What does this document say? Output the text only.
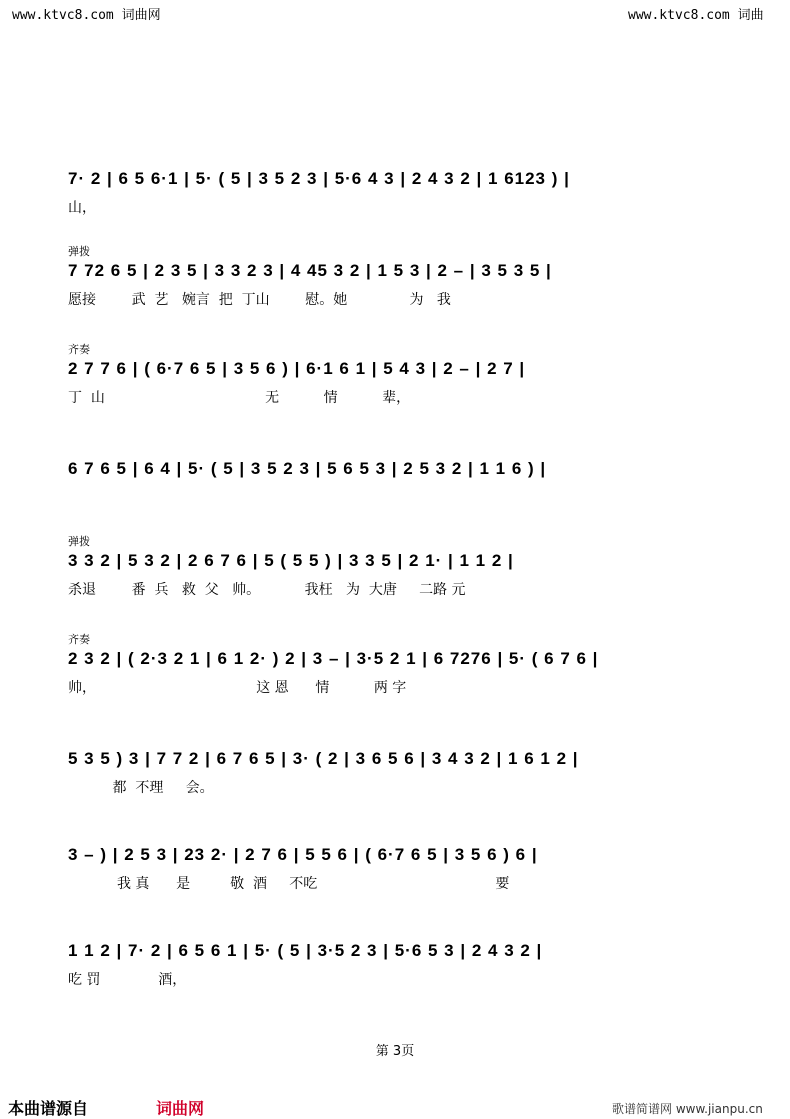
www.ktvc8.com 词曲网	www.ktvc8.com 词曲
7· 2 | 6 5 6·1 | 5· ( 5 | 3 5 2 3 | 5·6 4 3 | 2 4 3 2 | 1 6123 ) |
山，
弹拨
7 72 6 5 | 2 3 5 | 3 3 2 3 | 4 45 3 2 | 1 5 3 | 2 – | 3 5 3 5 |
愿接        武  艺   婉言  把  丁山        慰。她              为   我
齐奏
2 7 7 6 | ( 6·7 6 5 | 3 5 6 ) | 6·1 6 1 | 5 4 3 | 2 – | 2 7 |
丁  山                                    无          情          辈，
6 7 6 5 | 6 4 | 5· ( 5 | 3 5 2 3 | 5 6 5 3 | 2 5 3 2 | 1 1 6 ) |
弹拨
3 3 2 | 5 3 2 | 2 6 7 6 | 5 ( 5 5 ) | 3 3 5 | 2 1· | 1 1 2 |
杀退        番  兵   救  父   帅。          我枉   为  大唐     二路 元
齐奏
2 3 2 | ( 2·3 2 1 | 6 1 2· ) 2 | 3 – | 3·5 2 1 | 6 7276 | 5· ( 6 7 6 |
帅，                                    这 恩      情          两 字
5 3 5 ) 3 | 7 7 2 | 6 7 6 5 | 3· ( 2 | 3 6 5 6 | 3 4 3 2 | 1 6 1 2 |
都  不理     会。
3 – ) | 2 5 3 | 23 2· | 2 7 6 | 5 5 6 | ( 6·7 6 5 | 3 5 6 ) 6 |
我 真      是         敬  酒     不吃                                        要
1 1 2 | 7· 2 | 6 5 6 1 | 5· ( 5 | 3·5 2 3 | 5·6 5 3 | 2 4 3 2 |
吃 罚             酒，
第 3页
本曲谱源自	词曲网	歌谱简谱网 www.jianpu.cn
